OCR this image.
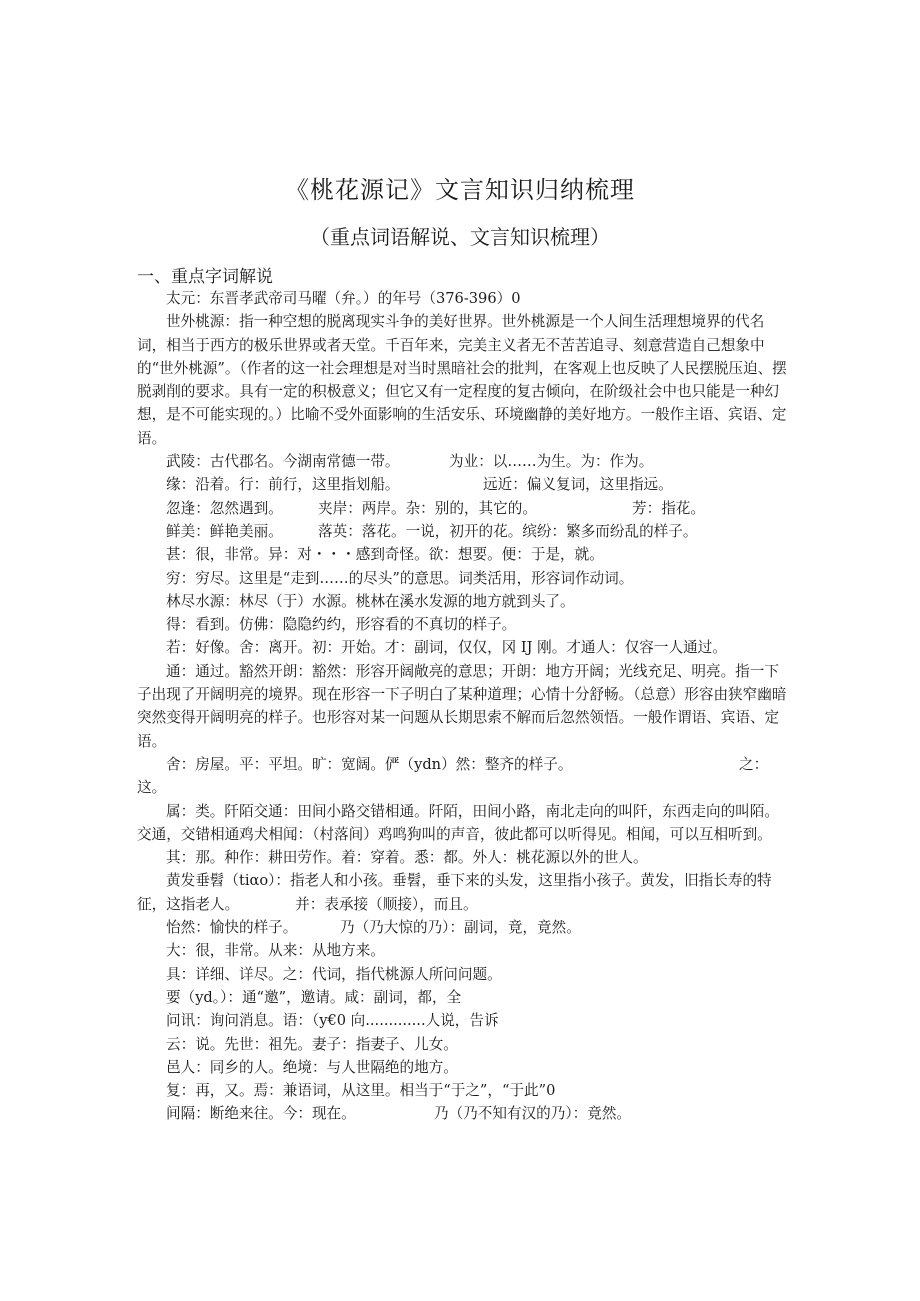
《桃花源记》文言知识归纳梳理
（重点词语解说、文言知识梳理）
一、重点字词解说

太元：东晋孝武帝司马曜（弁。）的年号（376-396）0

世外桃源：指一种空想的脱离现实斗争的美好世界。世外桃源是一个人间生活理想境界的代名词，相当于西方的极乐世界或者天堂。千百年来，完美主义者无不苦苦追寻、刻意营造自己想象中的“世外桃源”。（作者的这一社会理想是对当时黑暗社会的批判，在客观上也反映了人民摆脱压迫、摆脱剥削的要求。具有一定的积极意义；但它又有一定程度的复古倾向，在阶级社会中也只能是一种幻想，是不可能实现的。）比喻不受外面影响的生活安乐、环境幽静的美好地方。一般作主语、宾语、定语。

武陵：古代郡名。今湖南常德一带。	为业：以……为生。为：作为。
缘：沿着。行：前行，这里指划船。	远近：偏义复词，这里指远。
忽逢：忽然遇到。	夹岸：两岸。杂：别的，其它的。	芳：指花。
鲜美：鲜艳美丽。	落英：落花。一说，初开的花。缤纷：繁多而纷乱的样子。

甚：很，非常。异：对・・・感到奇怪。欲：想要。便：于是，就。

穷：穷尽。这里是“走到……的尽头”的意思。词类活用，形容词作动词。

林尽水源：林尽（于）水源。桃林在溪水发源的地方就到头了。

得：看到。仿佛：隐隐约约，形容看的不真切的样子。

若：好像。舍：离开。初：开始。才：副词，仅仅，冈 IJ 刚。才通人：仅容一人通过。

通：通过。豁然开朗：豁然：形容开阔敞亮的意思；开朗：地方开阔；光线充足、明亮。指一下子出现了开阔明亮的境界。现在形容一下子明白了某种道理；心情十分舒畅。（总意）形容由狭窄幽暗突然变得开阔明亮的样子。也形容对某一问题从长期思索不解而后忽然领悟。一般作谓语、宾语、定语。

舍：房屋。平：平坦。旷：宽阔。俨（ydn）然：整齐的样子。	之：

这。

属：类。阡陌交通：田间小路交错相通。阡陌，田间小路，南北走向的叫阡，东西走向的叫陌。交通，交错相通鸡犬相闻：（村落间）鸡鸣狗叫的声音，彼此都可以听得见。相闻，可以互相听到。

其：那。种作：耕田劳作。着：穿着。悉：都。外人：桃花源以外的世人。

黄发垂髫（tiαo）：指老人和小孩。垂髫，垂下来的头发，这里指小孩子。黄发，旧指长寿的特征，这指老人。	并：表承接（顺接），而且。

怡然：愉快的样子。	乃（乃大惊的乃）：副词，竟，竟然。

大：很，非常。从来：从地方来。

具：详细、详尽。之：代词，指代桃源人所问问题。

要（yd。）：通“邀”，邀请。咸：副词，都，全

问讯：询问消息。语：（y€0 向.............人说，告诉

云：说。先世：祖先。妻子：指妻子、儿女。

邑人：同乡的人。绝境：与人世隔绝的地方。

复：再，又。焉：兼语词，从这里。相当于“于之”，“于此”0

间隔：断绝来往。今：现在。	乃（乃不知有汉的乃）：竟然。
